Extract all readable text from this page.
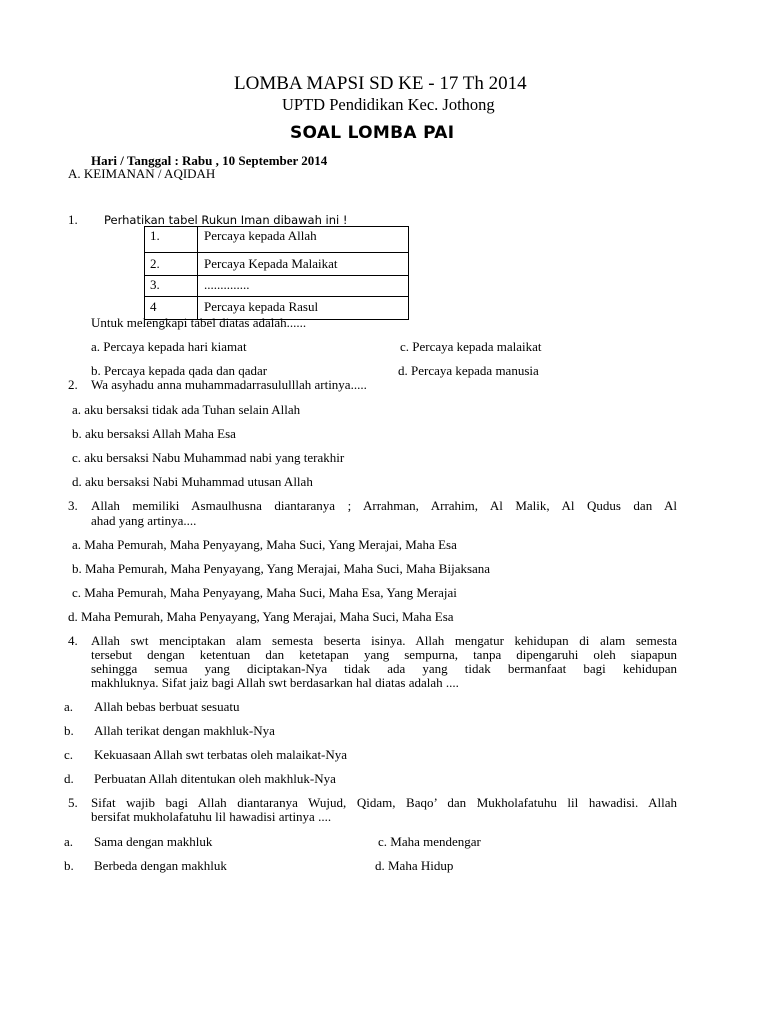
LOMBA MAPSI SD KE - 17 Th 2014
UPTD Pendidikan Kec. Jothong
SOAL LOMBA PAI
Hari / Tanggal : Rabu , 10 September 2014
A. KEIMANAN / AQIDAH
1. Perhatikan tabel Rukun Iman dibawah ini !
1.	Percaya kepada Allah
2.	Percaya Kepada Malaikat
3.	..............
4	Percaya kepada Rasul
Untuk melengkapi tabel diatas adalah......
a. Percaya kepada hari kiamat	c. Percaya kepada malaikat
b. Percaya kepada qada dan qadar	d. Percaya kepada manusia
2. Wa asyhadu anna muhammadarrasululllah artinya.....
a. aku bersaksi tidak ada Tuhan selain Allah
b. aku bersaksi Allah Maha Esa
c. aku bersaksi Nabu Muhammad nabi yang terakhir
d. aku bersaksi Nabi Muhammad utusan Allah
3. Allah memiliki Asmaulhusna diantaranya ; Arrahman, Arrahim, Al Malik, Al Qudus dan Al
ahad yang artinya....
a. Maha Pemurah, Maha Penyayang, Maha Suci, Yang Merajai, Maha Esa
b. Maha Pemurah, Maha Penyayang, Yang Merajai, Maha Suci, Maha Bijaksana
c. Maha Pemurah, Maha Penyayang, Maha Suci, Maha Esa, Yang Merajai
d. Maha Pemurah, Maha Penyayang, Yang Merajai, Maha Suci, Maha Esa
4. Allah swt menciptakan alam semesta beserta isinya. Allah mengatur kehidupan di alam semesta
tersebut dengan ketentuan dan ketetapan yang sempurna, tanpa dipengaruhi oleh siapapun
sehingga semua yang diciptakan-Nya tidak ada yang tidak bermanfaat bagi kehidupan
makhluknya. Sifat jaiz bagi Allah swt berdasarkan hal diatas adalah ....
a. Allah bebas berbuat sesuatu
b. Allah terikat dengan makhluk-Nya
c. Kekuasaan Allah swt terbatas oleh malaikat-Nya
d. Perbuatan Allah ditentukan oleh makhluk-Nya
5. Sifat wajib bagi Allah diantaranya Wujud, Qidam, Baqo’ dan Mukholafatuhu lil hawadisi. Allah
bersifat mukholafatuhu lil hawadisi artinya ....
a. Sama dengan makhluk	c. Maha mendengar
b. Berbeda dengan makhluk	d. Maha Hidup
